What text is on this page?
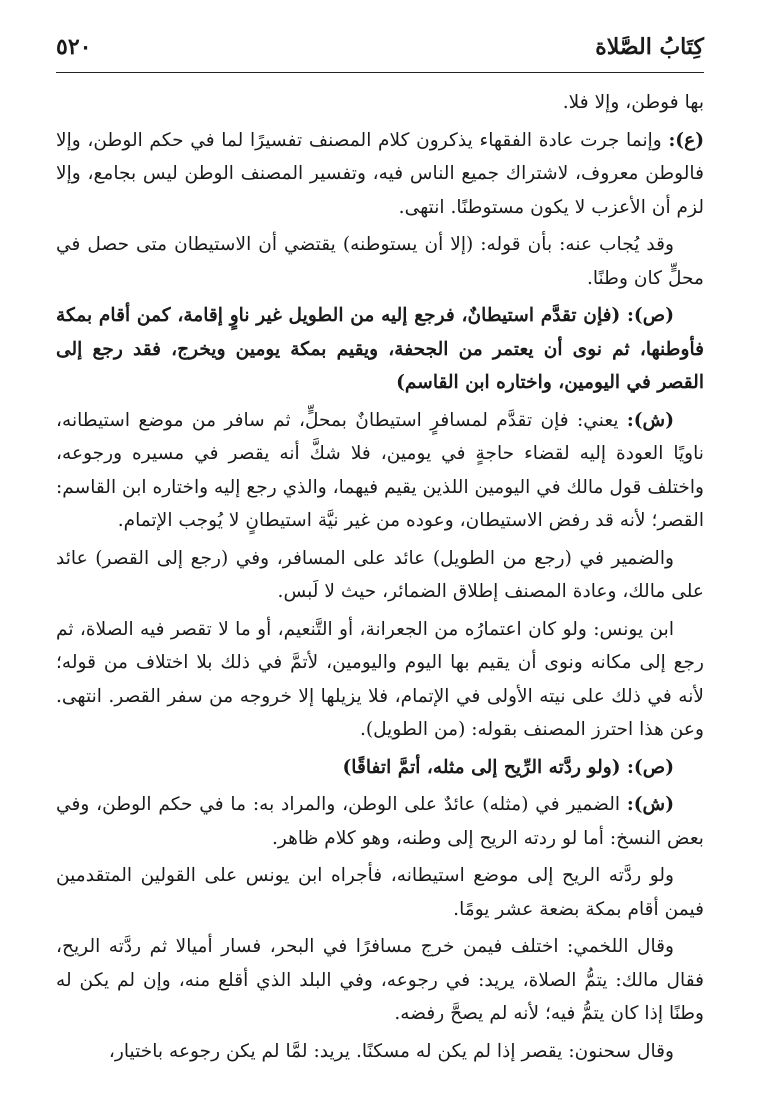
٥٢٠	كِتَابُ الصَّلاة

بها فوطن، وإلا فلا.

(ع): وإنما جرت عادة الفقهاء يذكرون كلام المصنف تفسيرًا لما في حكم الوطن، وإلا فالوطن معروف، لاشتراك جميع الناس فيه، وتفسير المصنف الوطن ليس بجامع، وإلا لزم أن الأعزب لا يكون مستوطنًا. انتهى.

وقد يُجاب عنه: بأن قوله: (إلا أن يستوطنه) يقتضي أن الاستيطان متى حصل في محلٍّ كان وطنًا.

(ص): (فإن تقدَّم استيطانٌ، فرجع إليه من الطويل غير ناوٍ إقامة، كمن أقام بمكة فأوطنها، ثم نوى أن يعتمر من الجحفة، ويقيم بمكة يومين ويخرج، فقد رجع إلى القصر في اليومين، واختاره ابن القاسم)

(ش): يعني: فإن تقدَّم لمسافرٍ استيطانٌ بمحلٍّ، ثم سافر من موضع استيطانه، ناويًا العودة إليه لقضاء حاجةٍ في يومين، فلا شكَّ أنه يقصر في مسيره ورجوعه، واختلف قول مالك في اليومين اللذين يقيم فيهما، والذي رجع إليه واختاره ابن القاسم: القصر؛ لأنه قد رفض الاستيطان، وعوده من غير نيَّة استيطانٍ لا يُوجب الإتمام.

والضمير في (رجع من الطويل) عائد على المسافر، وفي (رجع إلى القصر) عائد على مالك، وعادة المصنف إطلاق الضمائر، حيث لا لَبس.

ابن يونس: ولو كان اعتمارُه من الجعرانة، أو التَّنعيم، أو ما لا تقصر فيه الصلاة، ثم رجع إلى مكانه ونوى أن يقيم بها اليوم واليومين، لأتمَّ في ذلك بلا اختلاف من قوله؛ لأنه في ذلك على نيته الأولى في الإتمام، فلا يزيلها إلا خروجه من سفر القصر. انتهى. وعن هذا احترز المصنف بقوله: (من الطويل).

(ص): (ولو ردَّته الرِّيح إلى مثله، أتمَّ اتفاقًا)

(ش): الضمير في (مثله) عائدٌ على الوطن، والمراد به: ما في حكم الوطن، وفي بعض النسخ: أما لو ردته الريح إلى وطنه، وهو كلام ظاهر.

ولو ردَّته الريح إلى موضع استيطانه، فأجراه ابن يونس على القولين المتقدمين فيمن أقام بمكة بضعة عشر يومًا.

وقال اللخمي: اختلف فيمن خرج مسافرًا في البحر، فسار أميالا ثم ردَّته الريح، فقال مالك: يتمُّ الصلاة، يريد: في رجوعه، وفي البلد الذي أقلع منه، وإن لم يكن له وطنًا إذا كان يتمُّ فيه؛ لأنه لم يصحَّ رفضه.

وقال سحنون: يقصر إذا لم يكن له مسكنًا. يريد: لمَّا لم يكن رجوعه باختيار،
